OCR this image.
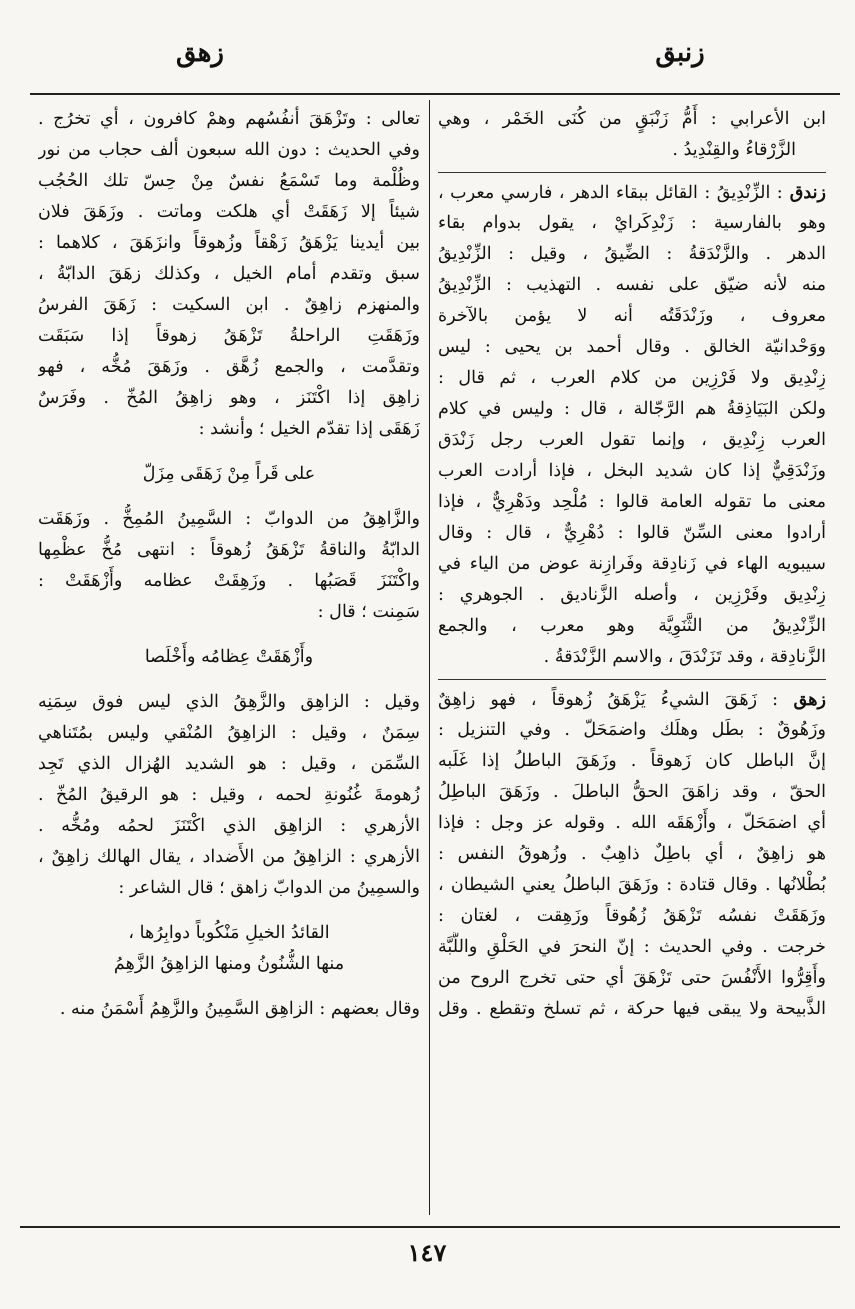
زنبق
زهق
ابن الأعرابي : أَمُّ زَنْبَقٍ من كُنَى الخَمْر ، وهي
الزَّرْقاءُ والقِنْدِيدُ .
زندق : الزِّنْدِيقُ : القائل ببقاء الدهر ، فارسي معرب ،
وهو بالفارسية : زَنْدِكَرايْ ، يقول بدوام بقاء
الدهر . والزَّنْدَقةُ : الضِّيقُ ، وقيل : الزِّنْدِيقُ
منه لأنه ضيّق على نفسه . التهذيب : الزِّنْدِيقُ
معروف ، وزَنْدَقَتُه أنه لا يؤمن بالآخرة
ووَحْدانيّة الخالق . وقال أحمد بن يحيى : ليس
زِنْدِيق ولا فَرْزِين من كلام العرب ، ثم قال :
ولكن البَيَاذِقةُ هم الرَّجّالة ، قال : وليس في كلام
العرب زِنْدِيق ، وإنما تقول العرب رجل زَنْدَق
وزَنْدَقِيٌّ إذا كان شديد البخل ، فإذا أرادت العرب
معنى ما تقوله العامة قالوا : مُلْحِد ودَهْرِيٌّ ، فإذا
أرادوا معنى السِّنّ قالوا : دُهْرِيٌّ ، قال : وقال
سيبويه الهاء في زَنادِقة وفَرازِنة عوض من الياء في
زِنْدِيق وفَرْزِين ، وأصله الزَّناديق . الجوهري :
الزِّنْدِيقُ من الثَّنَوِيَّة وهو معرب ، والجمع
الزَّنادِقة ، وقد تَزَنْدَقَ ، والاسم الزَّنْدَقةُ .
زهق : زَهَقَ الشيءُ يَزْهَقُ زُهوقاً ، فهو زاهِقٌ
وزَهُوقٌ : بطَل وهلَك واضمَحَلّ . وفي التنزيل :
إنَّ الباطل كان زَهوقاً . وزَهَقَ الباطلُ إذا غَلَبه
الحقّ ، وقد زاهَقَ الحقُّ الباطلَ . وزَهَقَ الباطِلُ
أي اضمَحَلّ ، وأَزْهَقَه الله . وقوله عز وجل : فإذا
هو زاهِقٌ ، أي باطِلٌ ذاهِبٌ . وزُهوقُ النفس :
بُطْلانُها . وقال قتادة : وزَهَقَ الباطلُ يعني الشيطان ،
وزَهَقَتْ نفسُه تَزْهَقُ زُهُوقاً وزَهِقت ، لغتان :
خرجت . وفي الحديث : إنّ النحرَ في الحَلْقِ واللَّبَّة
وأَقِرُّوا الأَنْفُسَ حتى تَزْهَقَ أي حتى تخرج الروح من
الذَّبيحة ولا يبقى فيها حركة ، ثم تسلخ وتقطع . وقل
تعالى : وتَزْهَقَ أنفُسُهم وهمْ كافرون ، أي تخرُج .
وفي الحديث : دون الله سبعون ألف حجاب من نور
وظُلْمة وما تَسْمَعُ نفسٌ مِنْ حِسّ تلك الحُجُب
شيئاً إلا زَهَقَتْ أي هلكت وماتت . وزَهَقَ فلان
بين أيدينا يَزْهَقُ زَهْقاً وزُهوقاً وانزَهَقَ ، كلاهما :
سبق وتقدم أمام الخيل ، وكذلك زهَقَ الدابّةُ ،
والمنهزم زاهِقٌ . ابن السكيت : زَهَقَ الفرسُ
وزَهَقَتِ الراحلةُ تَزْهَقُ زهوقاً إذا سَبَقَت
وتقدَّمت ، والجمع زُهَّق . وزَهَقَ مُخُّه ، فهو
زاهِق إذا اكْتَنَز ، وهو زاهِقُ المُخّ . وفَرَسٌ
زَهَقَى إذا تقدّم الخيل ؛ وأنشد :
على قَراً مِنْ زَهَقَى مِزَلّ
والزَّاهِقُ من الدوابّ : السَّمِينُ المُمِخُّ . وزَهَقَت
الدابّةُ والناقةُ تَزْهَقُ زُهوقاً : انتهى مُخُّ عظْمِها
واكْتَنَزَ قَصَبُها . وزَهِقَتْ عظامه وأَزْهَقَتْ :
سَمِنت ؛ قال :
وأَزْهَقَتْ عِظامُه وأَخْلَصا
وقيل : الزاهِق والزَّهِقُ الذي ليس فوق سِمَنِه
سِمَنٌ ، وقيل : الزاهِقُ المُنْقي وليس بمُتَناهي
السِّمَن ، وقيل : هو الشديد الهُزال الذي تَجِد
زُهومةَ غُنُونةِ لحمه ، وقيل : هو الرقيقُ المُخّ .
الأزهري : الزاهِق الذي اكْتَنَزَ لحمُه ومُخُّه .
الأزهري : الزاهِقُ من الأَضداد ، يقال الهالك زاهِقٌ ،
والسمِينُ من الدوابّ زاهق ؛ قال الشاعر :
القائدُ الخيلِ مَنْكُوباً دوابِرُها ،
منها الشُّنُونُ ومنها الزاهِقُ الزَّهِمُ
وقال بعضهم : الزاهِق السَّمِينُ والزَّهِمُ أَسْمَنُ منه .
١٤٧
